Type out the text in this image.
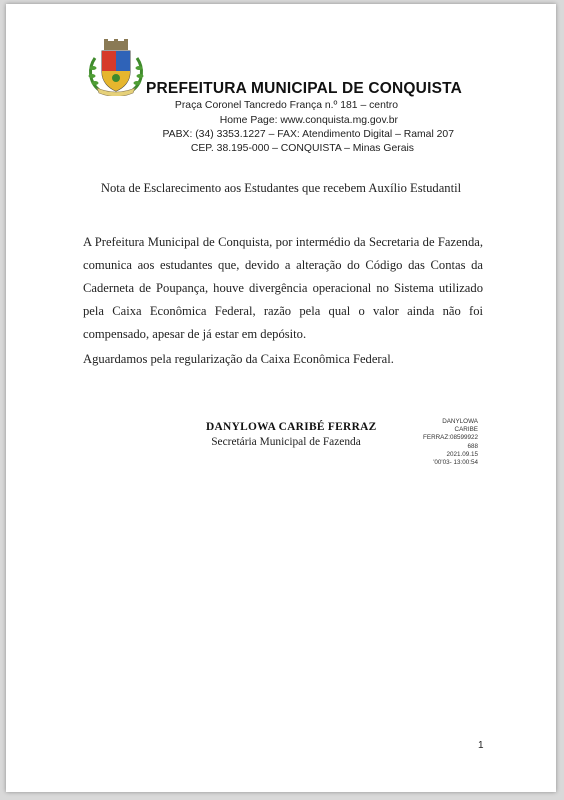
PREFEITURA MUNICIPAL DE CONQUISTA
Praça Coronel Tancredo França n.º 181 – centro
Home Page: www.conquista.mg.gov.br
PABX: (34) 3353.1227 – FAX: Atendimento Digital – Ramal 207
CEP. 38.195-000 – CONQUISTA – Minas Gerais
Nota de Esclarecimento aos Estudantes que recebem Auxílio Estudantil
A Prefeitura Municipal de Conquista, por intermédio da Secretaria de Fazenda, comunica aos estudantes que, devido a alteração do Código das Contas da Caderneta de Poupança, houve divergência operacional no Sistema utilizado pela Caixa Econômica Federal, razão pela qual o valor ainda não foi compensado, apesar de já estar em depósito.
Aguardamos pela regularização da Caixa Econômica Federal.
DANYLOWA CARIBÉ FERRAZ
Secretária Municipal de Fazenda
DANYLOWA
CARIBE
FERRAZ:08599922
688
2021.09.15
'00'03- 13:00:54
1
